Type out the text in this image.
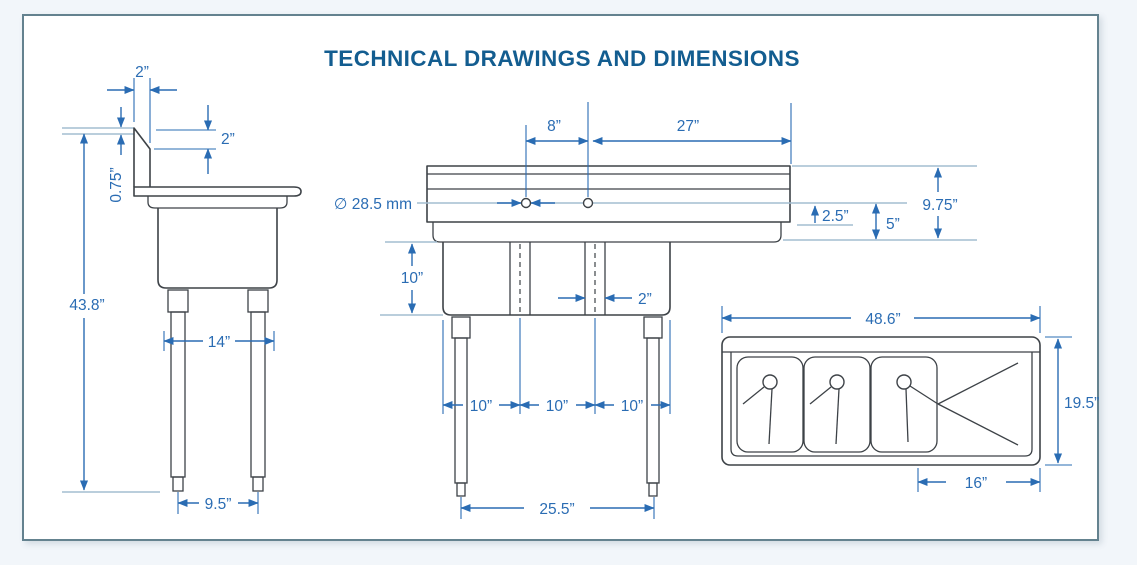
TECHNICAL DRAWINGS AND DIMENSIONS
2”
2”
0.75”
43.8”
14”
9.5”
∅ 28.5 mm
8”	27”
9.75”
2.5” 5”
10”
2”
10”	10”	10”
25.5”
48.6”
19.5”
16”
